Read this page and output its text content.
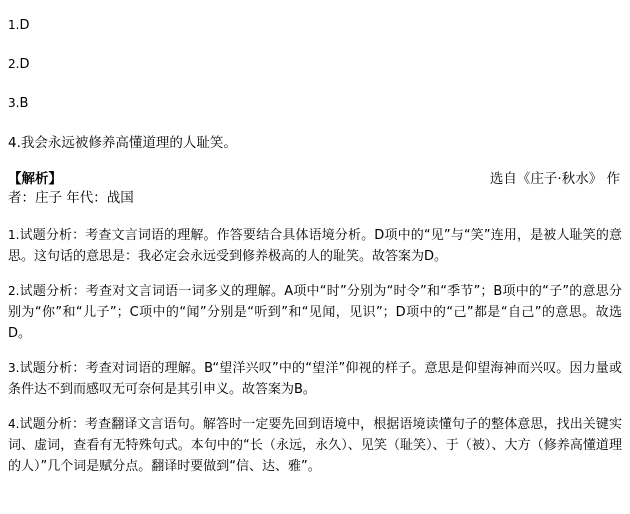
1.D
2.D
3.B
4.我会永远被修养高懂道理的人耻笑。
【解析】	选自《庄子·秋水》 作
者：庄子 年代：战国
1.试题分析：考查文言词语的理解。作答要结合具体语境分析。D项中的“见”与“笑”连用，是被人耻笑的意思。这句话的意思是：我必定会永远受到修养极高的人的耻笑。故答案为D。
2.试题分析：考查对文言词语一词多义的理解。A项中“时”分别为“时令”和“季节”；B项中的“子”的意思分别为“你”和“儿子”；C项中的“闻”分别是“听到”和“见闻，见识”；D项中的“己”都是“自己”的意思。故选D。
3.试题分析：考查对词语的理解。B“望洋兴叹”中的“望洋”仰视的样子。意思是仰望海神而兴叹。因力量或条件达不到而感叹无可奈何是其引申义。故答案为B。
4.试题分析：考查翻译文言语句。解答时一定要先回到语境中，根据语境读懂句子的整体意思，找出关键实词、虚词，查看有无特殊句式。本句中的“长（永远，永久）、见笑（耻笑）、于（被）、大方（修养高懂道理的人）”几个词是赋分点。翻译时要做到“信、达、雅”。
